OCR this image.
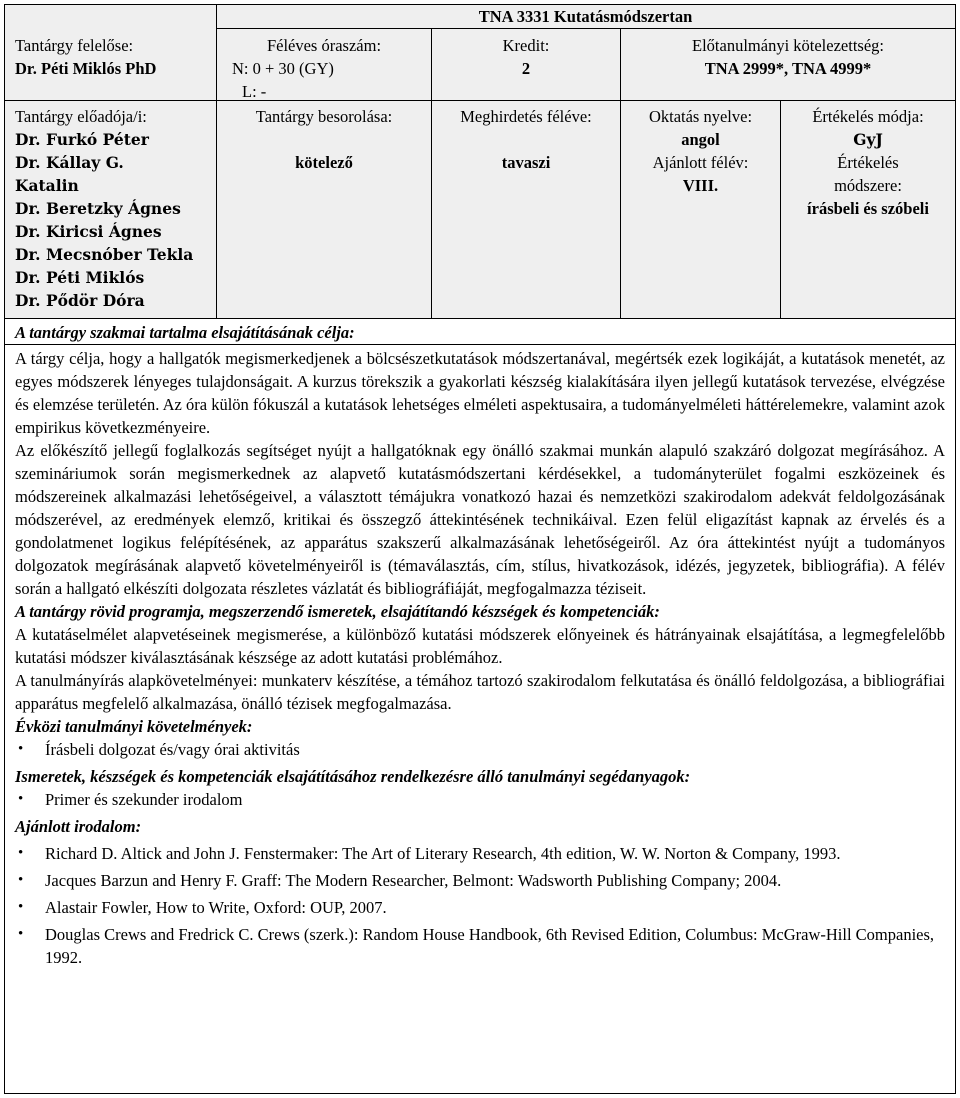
TNA 3331 Kutatásmódszertan
Tantárgy felelőse:
Dr. Péti Miklós PhD
Féléves óraszám:
N: 0 + 30 (GY)
L: -
Kredit:
2
Előtanulmányi kötelezettség:
TNA 2999*, TNA 4999*
Tantárgy előadója/i:
Dr. Furkó Péter
Dr. Kállay G.
Katalin
Dr. Beretzky Ágnes
Dr. Kiricsi Ágnes
Dr. Mecsnóber Tekla
Dr. Péti Miklós
Dr. Pődör Dóra
Tantárgy besorolása:
kötelező
Meghirdetés féléve:
tavaszi
Oktatás nyelve:
angol
Ajánlott félév:
VIII.
Értékelés módja:
GyJ
Értékelés
módszere:
írásbeli és szóbeli
A tantárgy szakmai tartalma elsajátításának célja:

A tárgy célja, hogy a hallgatók megismerkedjenek a bölcsészetkutatások módszertanával, megértsék ezek logikáját, a kutatások menetét, az egyes módszerek lényeges tulajdonságait. A kurzus törekszik a gyakorlati készség kialakítására ilyen jellegű kutatások tervezése, elvégzése és elemzése területén. Az óra külön fókuszál a kutatások lehetséges elméleti aspektusaira, a tudományelméleti háttérelemekre, valamint azok empirikus következményeire.

Az előkészítő jellegű foglalkozás segítséget nyújt a hallgatóknak egy önálló szakmai munkán alapuló szakzáró dolgozat megírásához. A szemináriumok során megismerkednek az alapvető kutatásmódszertani kérdésekkel, a tudományterület fogalmi eszközeinek és módszereinek alkalmazási lehetőségeivel, a választott témájukra vonatkozó hazai és nemzetközi szakirodalom adekvát feldolgozásának módszerével, az eredmények elemző, kritikai és összegző áttekintésének technikáival. Ezen felül eligazítást kapnak az érvelés és a gondolatmenet logikus felépítésének, az apparátus szakszerű alkalmazásának lehetőségeiről. Az óra áttekintést nyújt a tudományos dolgozatok megírásának alapvető követelményeiről is (témaválasztás, cím, stílus, hivatkozások, idézés, jegyzetek, bibliográfia). A félév során a hallgató elkészíti dolgozata részletes vázlatát és bibliográfiáját, megfogalmazza téziseit.

A tantárgy rövid programja, megszerzendő ismeretek, elsajátítandó készségek és kompetenciák:

A kutatáselmélet alapvetéseinek megismerése, a különböző kutatási módszerek előnyeinek és hátrányainak elsajátítása, a legmegfelelőbb kutatási módszer kiválasztásának készsége az adott kutatási problémához.

A tanulmányírás alapkövetelményei: munkaterv készítése, a témához tartozó szakirodalom felkutatása és önálló feldolgozása, a bibliográfiai apparátus megfelelő alkalmazása, önálló tézisek megfogalmazása.

Évközi tanulmányi követelmények:
• Írásbeli dolgozat és/vagy órai aktivitás
Ismeretek, készségek és kompetenciák elsajátításához rendelkezésre álló tanulmányi segédanyagok:
• Primer és szekunder irodalom
Ajánlott irodalom:
• Richard D. Altick and John J. Fenstermaker: The Art of Literary Research, 4th edition, W. W. Norton & Company, 1993.
• Jacques Barzun and Henry F. Graff: The Modern Researcher, Belmont: Wadsworth Publishing Company; 2004.
• Alastair Fowler, How to Write, Oxford: OUP, 2007.
• Douglas Crews and Fredrick C. Crews (szerk.): Random House Handbook, 6th Revised Edition, Columbus: McGraw-Hill Companies, 1992.
